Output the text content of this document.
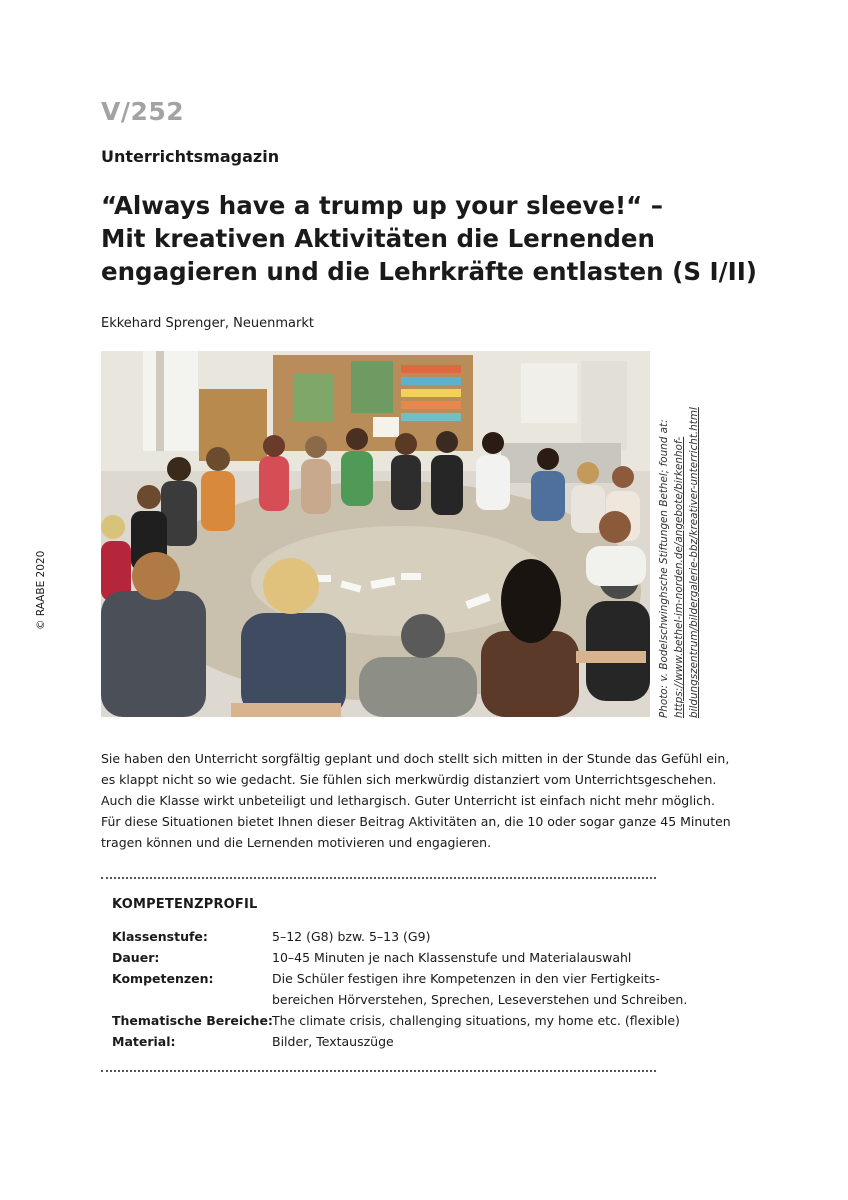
V/252
Unterrichtsmagazin
“Always have a trump up your sleeve!“ –
Mit kreativen Aktivitäten die Lernenden
engagieren und die Lehrkräfte entlasten (S I/II)
Ekkehard Sprenger, Neuenmarkt
© RAABE 2020	Photo: v. Bodelschwinghsche Stiftungen Bethel; found at: https://www.bethel-im-norden.de/angebote/birkenhof- bildungszentrum/bildergalerie-bbz/kreativer-unterricht.html

Sie haben den Unterricht sorgfältig geplant und doch stellt sich mitten in der Stunde das Gefühl ein,
es klappt nicht so wie gedacht. Sie fühlen sich merkwürdig distanziert vom Unterrichtsgeschehen.
Auch die Klasse wirkt unbeteiligt und lethargisch. Guter Unterricht ist einfach nicht mehr möglich.
Für diese Situationen bietet Ihnen dieser Beitrag Aktivitäten an, die 10 oder sogar ganze 45 Minuten
tragen können und die Lernenden motivieren und engagieren.

KOMPETENZPROFIL
Klassenstufe:	5–12 (G8) bzw. 5–13 (G9)
Dauer:	10–45 Minuten je nach Klassenstufe und Materialauswahl
Kompetenzen:	Die Schüler festigen ihre Kompetenzen in den vier Fertigkeits-
bereichen Hörverstehen, Sprechen, Leseverstehen und Schreiben.
Thematische Bereiche: The climate crisis, challenging situations, my home etc. (flexible)
Material:	Bilder, Textauszüge
